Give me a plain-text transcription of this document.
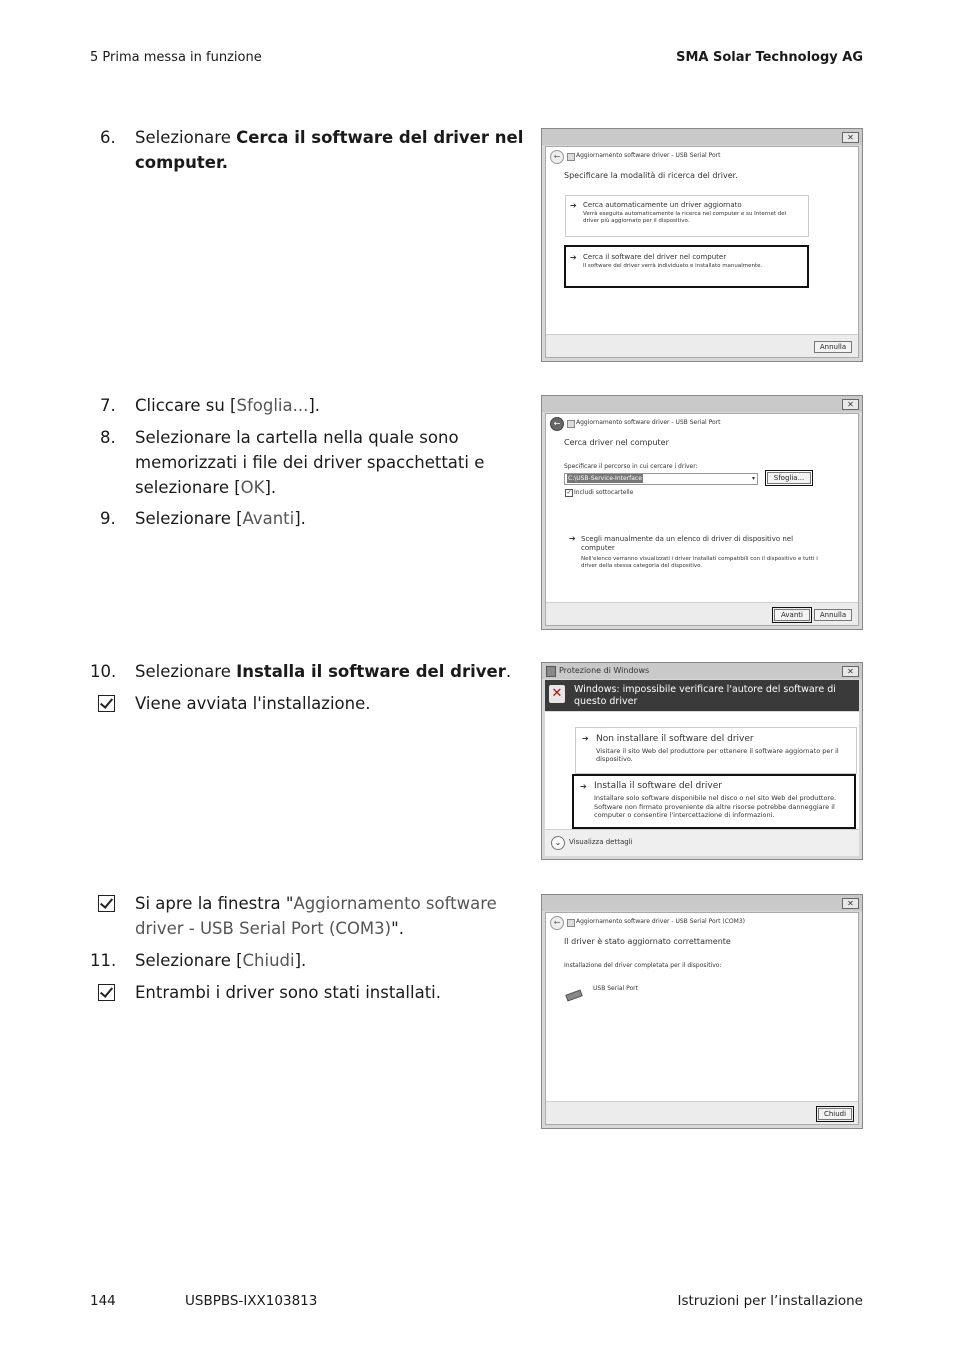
5 Prima messa in funzione	SMA Solar Technology AG
6.	Selezionare Cerca il software del driver nel computer.
7.	Cliccare su [Sfoglia...].
8.	Selezionare la cartella nella quale sono memorizzati i file dei driver spacchettati e selezionare [OK].
9.	Selezionare [Avanti].
10.	Selezionare Installa il software del driver.
Viene avviata l'installazione.
Si apre la finestra "Aggiornamento software driver - USB Serial Port (COM3)".
11.	Selezionare [Chiudi].
Entrambi i driver sono stati installati.
✕
←	Aggiornamento software driver - USB Serial Port
Specificare la modalità di ricerca del driver.
➔ Cerca automaticamente un driver aggiornato
Verrà eseguita automaticamente la ricerca nel computer e su Internet del driver più aggiornato per il dispositivo.
➔ Cerca il software del driver nel computer
Il software del driver verrà individuato e installato manualmente.
Annulla
✕
←	Aggiornamento software driver - USB Serial Port
Cerca driver nel computer
Specificare il percorso in cui cercare i driver:
C:\USB-Service-Interface	▾	Sfoglia...
✓ Includi sottocartelle
➔ Scegli manualmente da un elenco di driver di dispositivo nel computer
Nell'elenco verranno visualizzati i driver installati compatibili con il dispositivo e tutti i driver della stessa categoria del dispositivo.
Avanti	Annulla
Protezione di Windows	✕
✕ Windows: impossibile verificare l'autore del software di questo driver
➔ Non installare il software del driver
Visitare il sito Web del produttore per ottenere il software aggiornato per il dispositivo.
➔ Installa il software del driver
Installare solo software disponibile nel disco o nel sito Web del produttore. Software non firmato proveniente da altre risorse potrebbe danneggiare il computer o consentire l'intercettazione di informazioni.
⌄	Visualizza dettagli
✕
←	Aggiornamento software driver - USB Serial Port (COM3)
Il driver è stato aggiornato correttamente
Installazione del driver completata per il dispositivo:
USB Serial Port
Chiudi
144	USBPBS-IXX103813	Istruzioni per l’installazione
